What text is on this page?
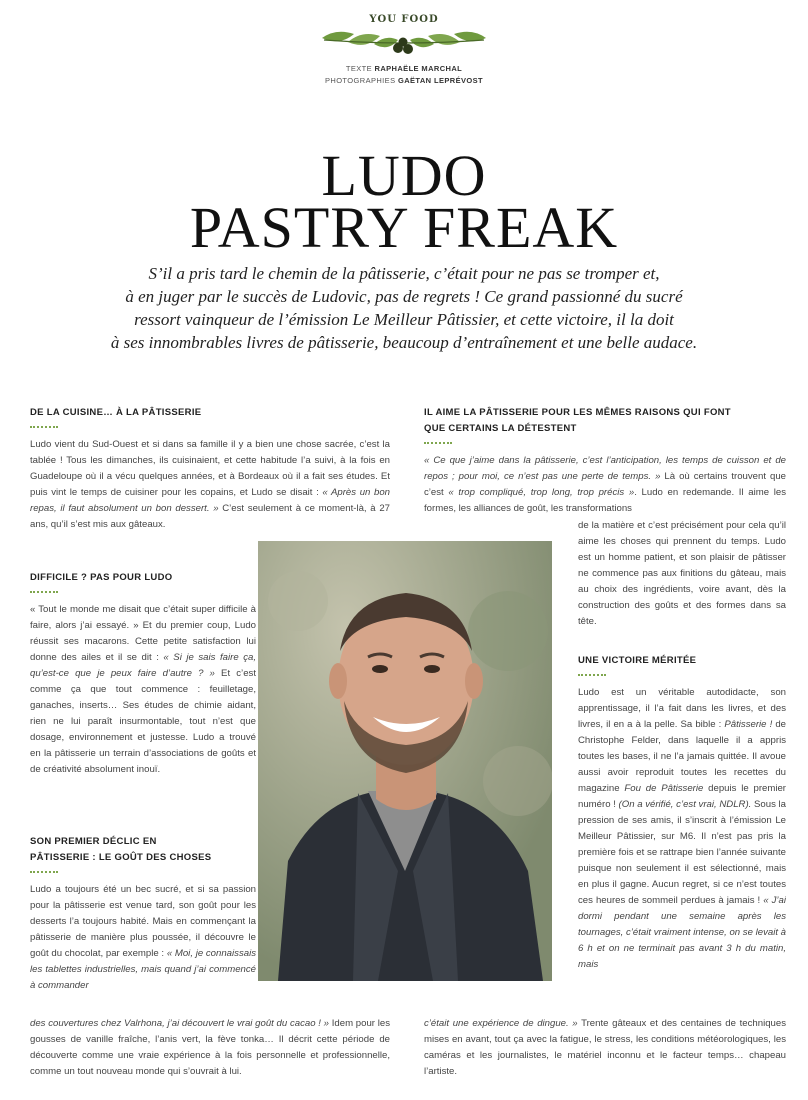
YOU FOOD
TEXTE RAPHAËLE MARCHAL
PHOTOGRAPHIES GAËTAN LEPRÉVOST
LUDO
PASTRY FREAK
S’il a pris tard le chemin de la pâtisserie, c’était pour ne pas se tromper et,
à en juger par le succès de Ludovic, pas de regrets ! Ce grand passionné du sucré
ressort vainqueur de l’émission Le Meilleur Pâtissier, et cette victoire, il la doit
à ses innombrables livres de pâtisserie, beaucoup d’entraînement et une belle audace.
DE LA CUISINE… À LA PÂTISSERIE
Ludo vient du Sud-Ouest et si dans sa famille il y a bien une chose sacrée, c’est la tablée ! Tous les dimanches, ils cuisinaient, et cette habitude l’a suivi, à la fois en Guadeloupe où il a vécu quelques années, et à Bordeaux où il a fait ses études. Et puis vint le temps de cuisiner pour les copains, et Ludo se disait : « Après un bon repas, il faut absolument un bon dessert. » C’est seulement à ce moment-là, à 27 ans, qu’il s’est mis aux gâteaux.
DIFFICILE ? PAS POUR LUDO
« Tout le monde me disait que c’était super difficile à faire, alors j’ai essayé. » Et du premier coup, Ludo réussit ses macarons. Cette petite satisfaction lui donne des ailes et il se dit : « Si je sais faire ça, qu’est-ce que je peux faire d’autre ? » Et c’est comme ça que tout commence : feuilletage, ganaches, inserts… Ses études de chimie aidant, rien ne lui paraît insurmontable, tout n’est que dosage, environnement et justesse. Ludo a trouvé en la pâtisserie un terrain d’associations de goûts et de créativité absolument inouï.
SON PREMIER DÉCLIC EN
PÂTISSERIE : LE GOÛT DES CHOSES
Ludo a toujours été un bec sucré, et si sa passion pour la pâtisserie est venue tard, son goût pour les desserts l’a toujours habité. Mais en commençant la pâtisserie de manière plus poussée, il découvre le goût du chocolat, par exemple : « Moi, je connaissais les tablettes industrielles, mais quand j’ai commencé à commander
des couvertures chez Valrhona, j’ai découvert le vrai goût du cacao ! » Idem pour les gousses de vanille fraîche, l’anis vert, la fève tonka… Il décrit cette période de découverte comme une vraie expérience à la fois personnelle et professionnelle, comme un tout nouveau monde qui s’ouvrait à lui.
IL AIME LA PÂTISSERIE POUR LES MÊMES RAISONS QUI FONT
QUE CERTAINS LA DÉTESTENT
« Ce que j’aime dans la pâtisserie, c’est l’anticipation, les temps de cuisson et de repos ; pour moi, ce n’est pas une perte de temps. » Là où certains trouvent que c’est « trop compliqué, trop long, trop précis ». Ludo en redemande. Il aime les formes, les alliances de goût, les transformations
de la matière et c’est précisément pour cela qu’il aime les choses qui prennent du temps. Ludo est un homme patient, et son plaisir de pâtisser ne commence pas aux finitions du gâteau, mais au choix des ingrédients, voire avant, dès la construction des goûts et des formes dans sa tête.
UNE VICTOIRE MÉRITÉE
Ludo est un véritable autodidacte, son apprentissage, il l’a fait dans les livres, et des livres, il en a à la pelle. Sa bible : Pâtisserie ! de Christophe Felder, dans laquelle il a appris toutes les bases, il ne l’a jamais quittée. Il avoue aussi avoir reproduit toutes les recettes du magazine Fou de Pâtisserie depuis le premier numéro ! (On a vérifié, c’est vrai, NDLR). Sous la pression de ses amis, il s’inscrit à l’émission Le Meilleur Pâtissier, sur M6. Il n’est pas pris la première fois et se rattrape bien l’année suivante puisque non seulement il est sélectionné, mais en plus il gagne. Aucun regret, si ce n’est toutes ces heures de sommeil perdues à jamais ! « J’ai dormi pendant une semaine après les tournages, c’était vraiment intense, on se levait à 6 h et on ne terminait pas avant 3 h du matin, mais
c’était une expérience de dingue. » Trente gâteaux et des centaines de techniques mises en avant, tout ça avec la fatigue, le stress, les conditions météorologiques, les caméras et les journalistes, le matériel inconnu et le facteur temps… chapeau l’artiste.
